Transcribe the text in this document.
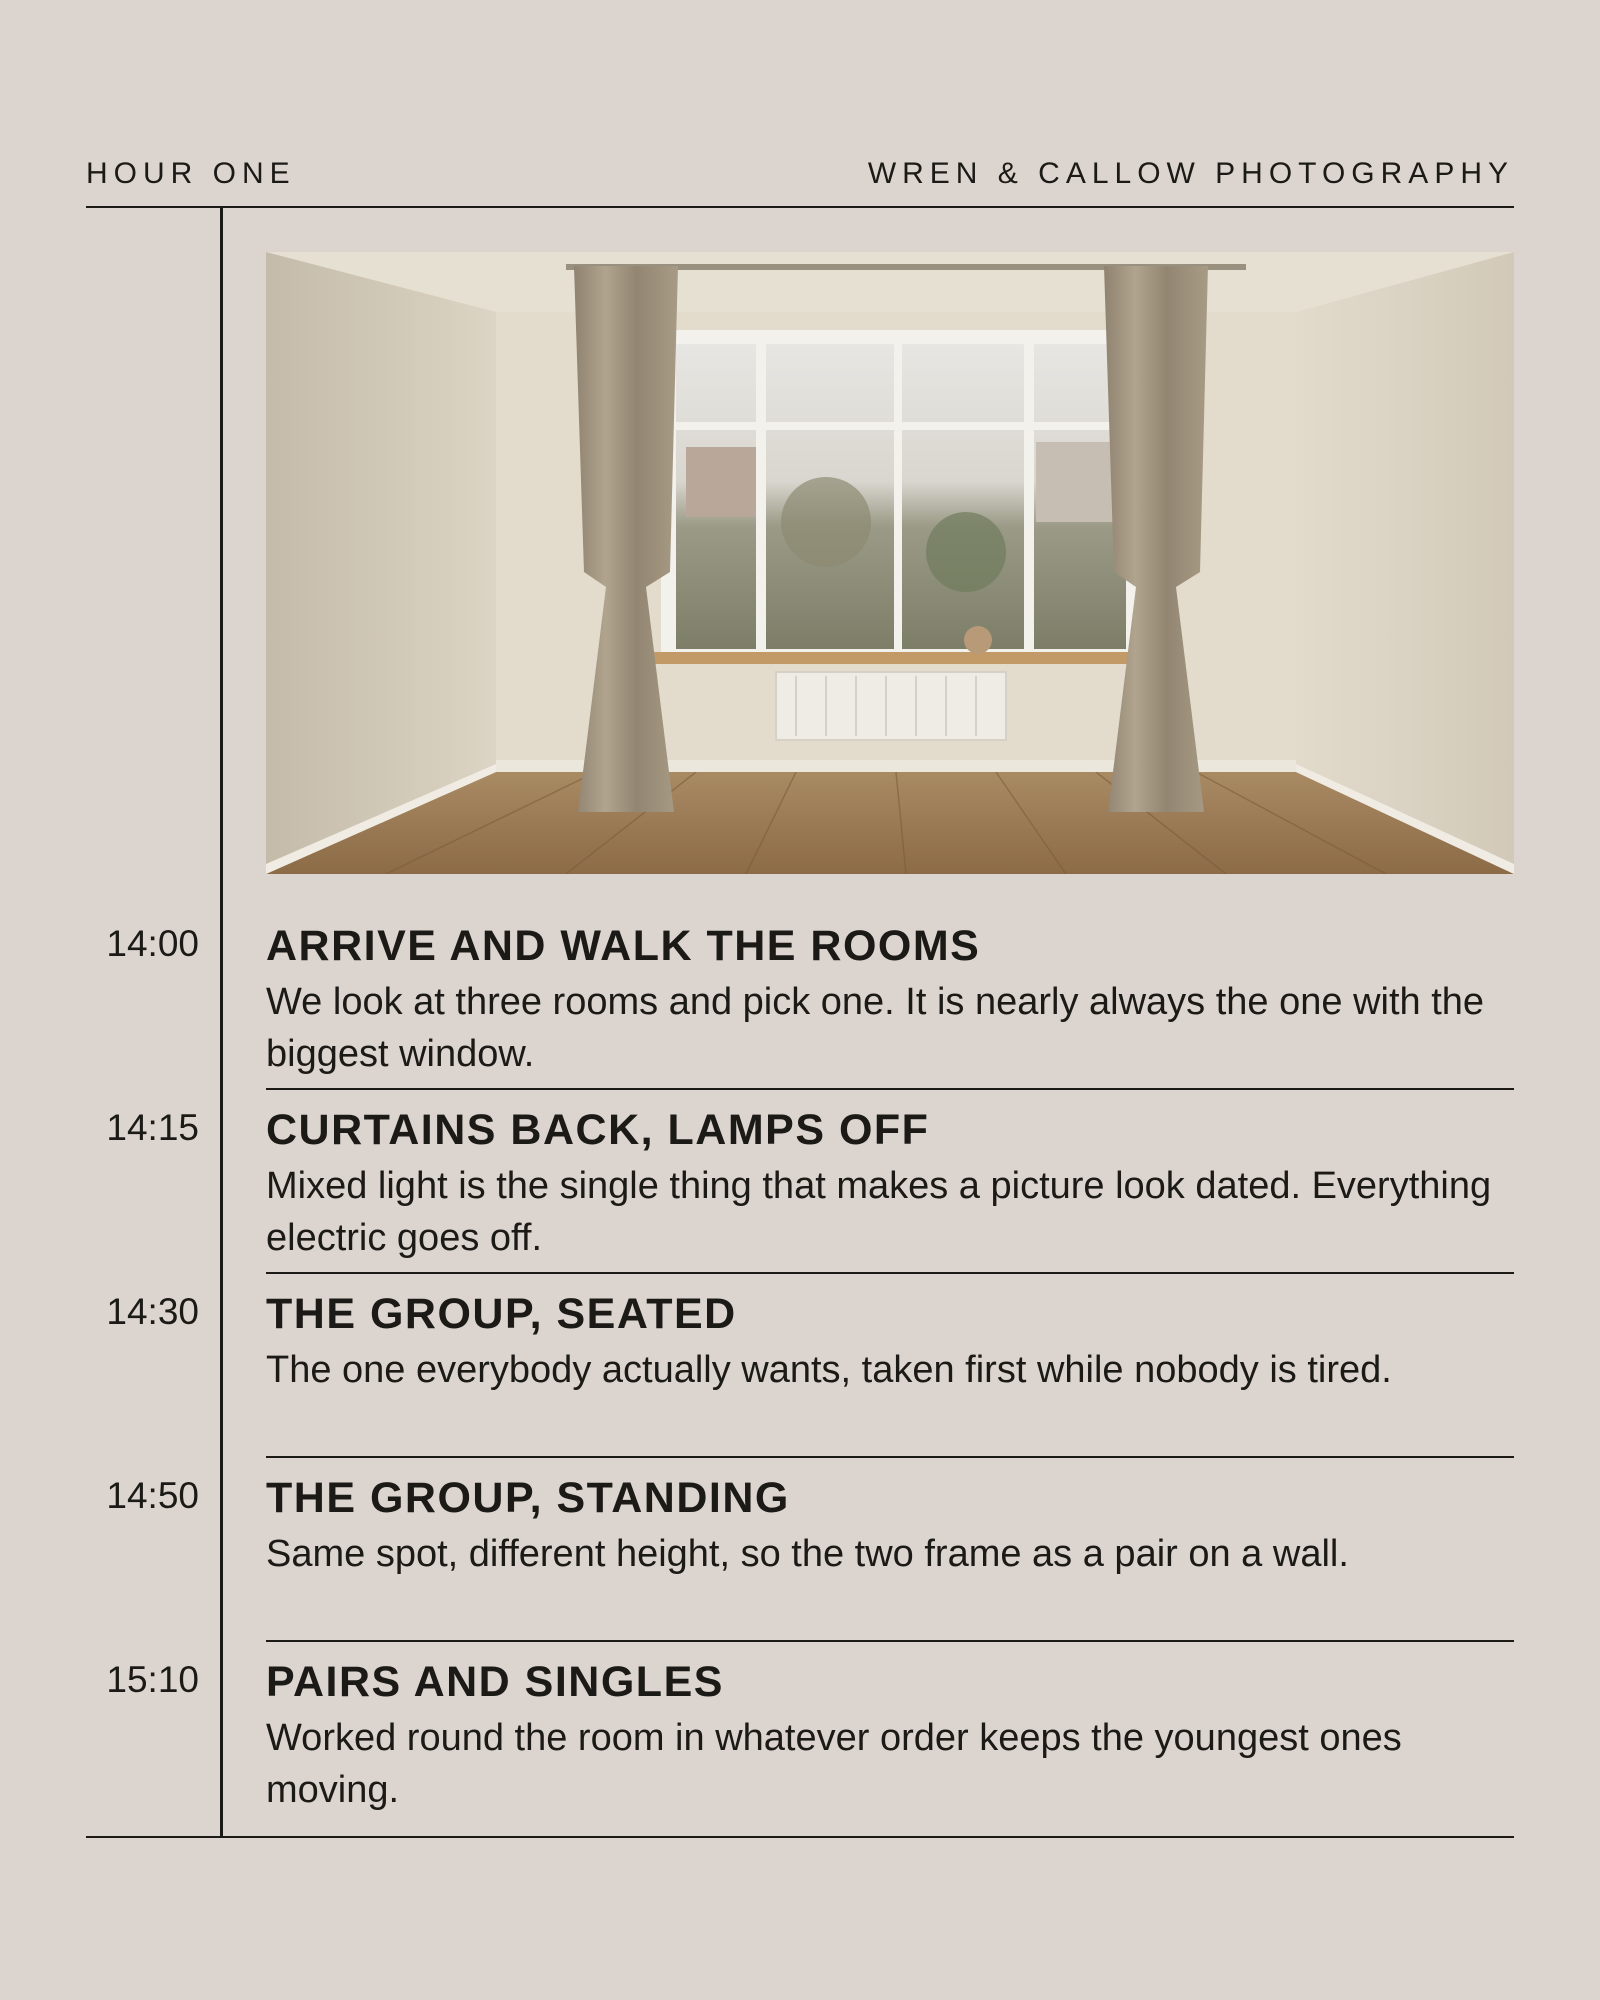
HOUR ONE	WREN & CALLOW PHOTOGRAPHY
14:00 ARRIVE AND WALK THE ROOMS
We look at three rooms and pick one. It is nearly always the one with the biggest window.
14:15 CURTAINS BACK, LAMPS OFF
Mixed light is the single thing that makes a picture look dated. Everything electric goes off.
14:30 THE GROUP, SEATED
The one everybody actually wants, taken first while nobody is tired.
14:50 THE GROUP, STANDING
Same spot, different height, so the two frame as a pair on a wall.
15:10 PAIRS AND SINGLES
Worked round the room in whatever order keeps the youngest ones moving.
